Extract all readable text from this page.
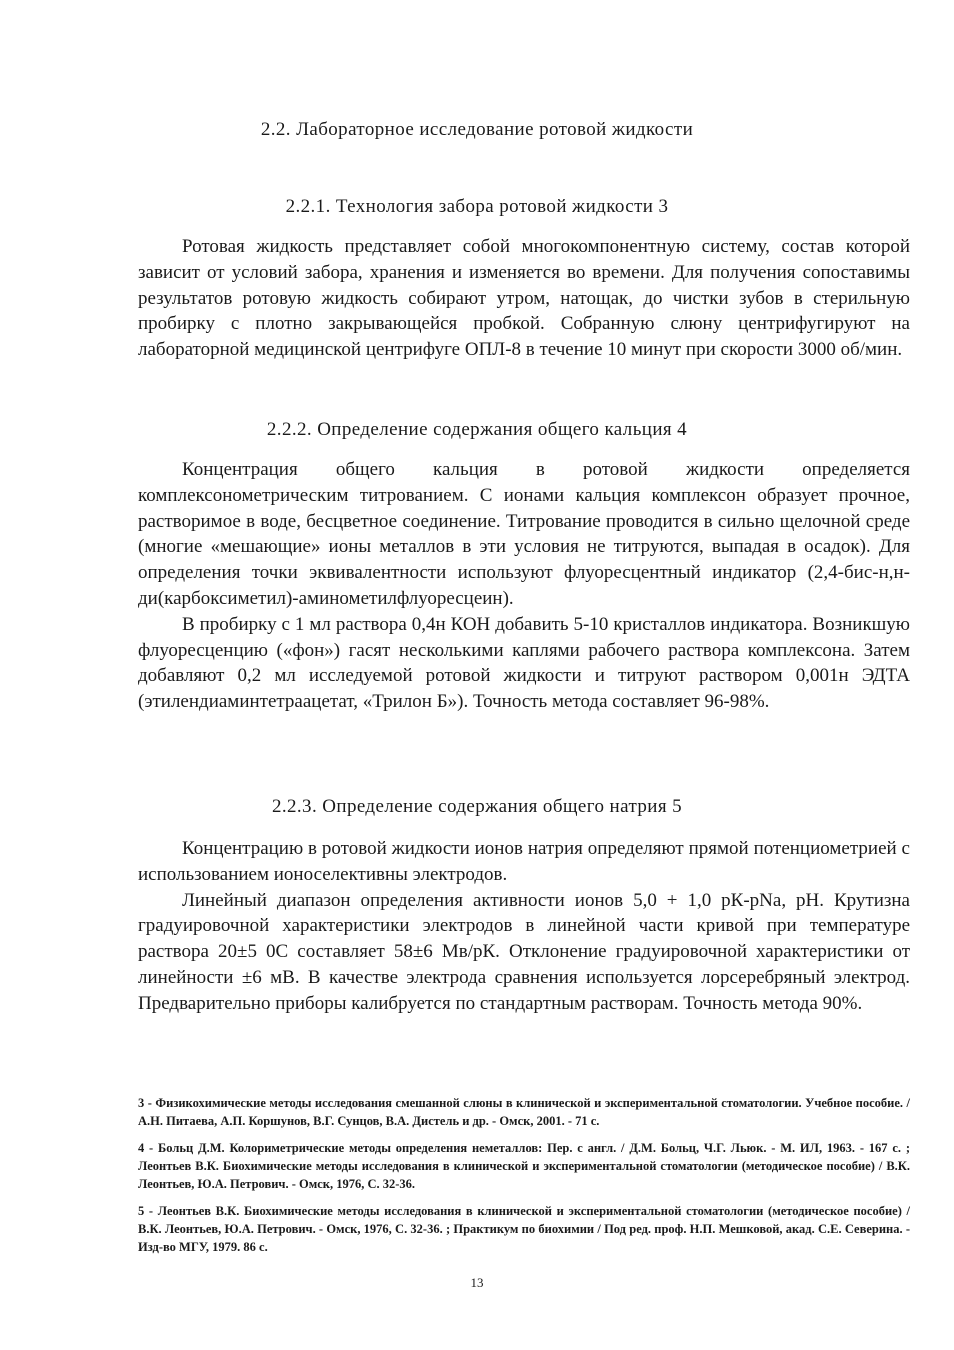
2.2. Лабораторное исследование ротовой жидкости
2.2.1. Технология забора ротовой жидкости 3

Ротовая жидкость представляет собой многокомпонентную систему, состав которой зависит от условий забора, хранения и изменяется во времени. Для получения сопоставимы результатов ротовую жидкость собирают утром, натощак, до чистки зубов в стерильную пробирку с плотно закрывающейся пробкой. Собранную слюну центрифугируют на лабораторной медицинской центрифуге ОПЛ-8 в течение 10 минут при скорости 3000 об/мин.

2.2.2. Определение содержания общего кальция 4

Концентрация общего кальция в ротовой жидкости определяется комплексонометрическим титрованием. С ионами кальция комплексон образует прочное, растворимое в воде, бесцветное соединение. Титрование проводится в сильно щелочной среде (многие «мешающие» ионы металлов в эти условия не титруются, выпадая в осадок). Для определения точки эквивалентности используют флуоресцентный индикатор (2,4-бис-н,н-ди(карбоксиметил)-аминометилфлуоресцеин).

В пробирку с 1 мл раствора 0,4н КОН добавить 5-10 кристаллов индикатора. Возникшую флуоресценцию («фон») гасят несколькими каплями рабочего раствора комплексона. Затем добавляют 0,2 мл исследуемой ротовой жидкости и титруют раствором 0,001н ЭДТА (этилендиаминтетраацетат, «Трилон Б»). Точность метода составляет 96-98%.

2.2.3. Определение содержания общего натрия 5

Концентрацию в ротовой жидкости ионов натрия определяют прямой потенциометрией с использованием ионоселективны электродов.

Линейный диапазон определения активности ионов 5,0 + 1,0 рК-рNа, рН. Крутизна градуировочной характеристики электродов в линейной части кривой при температуре раствора 20±5 0С составляет 58±6 Мв/рК. Отклонение градуировочной характеристики от линейности ±6 мВ. В качестве электрода сравнения используется лорсеребряный электрод. Предварительно приборы калибруется по стандартным растворам. Точность метода 90%.

3 - Физикохимические методы исследования смешанной слюны в клинической и экспериментальной стоматологии. Учебное пособие. / А.Н. Питаева, А.П. Коршунов, В.Г. Сунцов, В.А. Дистель и др. - Омск, 2001. - 71 с.

4 - Больц Д.М. Колориметрические методы определения неметаллов: Пер. с англ. / Д.М. Больц, Ч.Г. Льюк. - М. ИЛ, 1963. - 167 с. ; Леонтьев В.К. Биохимические методы исследования в клинической и экспериментальной стоматологии (методическое пособие) / В.К. Леонтьев, Ю.А. Петрович. - Омск, 1976, С. 32-36.

5 - Леонтьев В.К. Биохимические методы исследования в клинической и экспериментальной стоматологии (методическое пособие) / В.К. Леонтьев, Ю.А. Петрович. - Омск, 1976, С. 32-36. ; Практикум по биохимии / Под ред. проф. Н.П. Мешковой, акад. С.Е. Северина. - Изд-во МГУ, 1979. 86 с.

13
